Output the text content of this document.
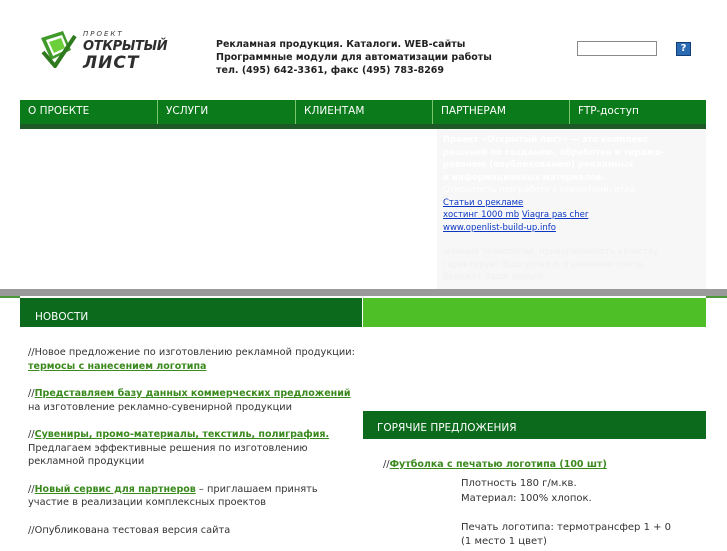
ПРОЕКТ
ОТКРЫТЫЙ
ЛИСТ
Рекламная продукция. Каталоги. WEB-сайты
Программные модули для автоматизации работы
тел. (495) 642-3361, факс (495) 783-8269
?
О ПРОЕКТЕ	УСЛУГИ	КЛИЕНТАМ	ПАРТНЕРАМ	FTP-доступ
Проект «Открытый лист» — это комплекс
решений по созданию, обработке и тиражи-
рованию (опубликованию) рекламных
и информационных материалов.
Открытость при работе с клиентами, отла-
Статьи о рекламе
хостинг 1000 mb Viagra pas cher
www.openlist-build-up.info
женные технологии, приверженность качеству
гарантирует Ваш успех и, в конечном счете,
бережет Ваши деньги.
НОВОСТИ

//Новое предложение по изготовлению рекламной продукции: термосы с нанесением логотипа

//Представляем базу данных коммерческих предложений на изготовление рекламно-сувенирной продукции

//Сувениры, промо-материалы, текстиль, полиграфия. Предлагаем эффективные решения по изготовлению рекламной продукции

//Новый сервис для партнеров – приглашаем принять участие в реализации комплексных проектов

//Опубликована тестовая версия сайта

ГОРЯЧИЕ ПРЕДЛОЖЕНИЯ
//Футболка с печатью логотипа (100 шт)
Плотность 180 г/м.кв.
Материал: 100% хлопок.
Печать логотипа: термотрансфер 1 + 0
(1 место 1 цвет)
